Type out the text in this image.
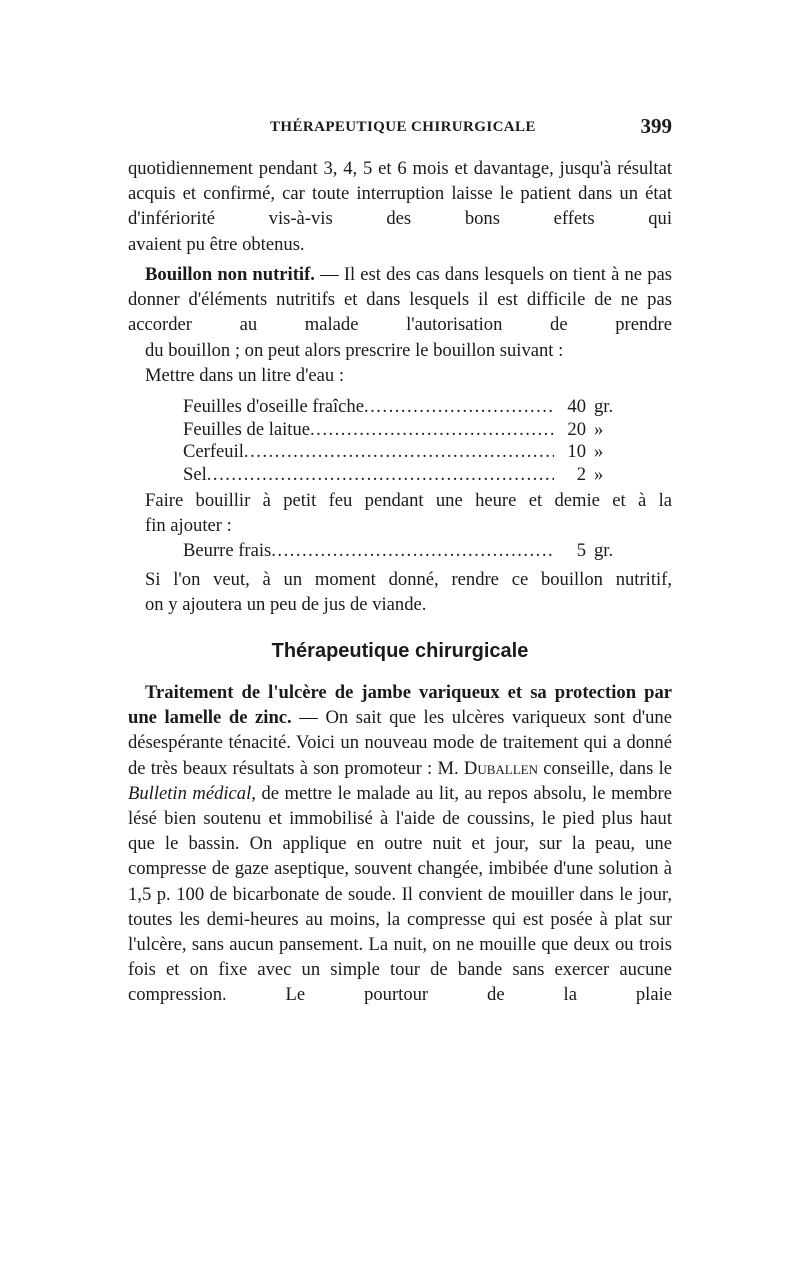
THÉRAPEUTIQUE CHIRURGICALE	399

quotidiennement pendant 3, 4, 5 et 6 mois et davantage, jusqu'à résultat acquis et confirmé, car toute interruption laisse le patient dans un état d'infériorité vis-à-vis des bons effets qui
avaient pu être obtenus.

Bouillon non nutritif. — Il est des cas dans lesquels on tient à ne pas donner d'éléments nutritifs et dans lesquels il est difficile de ne pas accorder au malade l'autorisation de prendre
du bouillon ; on peut alors prescrire le bouillon suivant :

Mettre dans un litre d'eau :
Feuilles d'oseille fraîche .....	40 gr.
Feuilles de laitue .....	20 »
Cerfeuil .....	10 »
Sel .....	2 »

Faire bouillir à petit feu pendant une heure et demie et à la
fin ajouter :

Beurre frais .....	5 gr.

Si l'on veut, à un moment donné, rendre ce bouillon nutritif,
on y ajoutera un peu de jus de viande.

Thérapeutique chirurgicale

Traitement de l'ulcère de jambe variqueux et sa protection par une lamelle de zinc. — On sait que les ulcères variqueux sont d'une désespérante ténacité. Voici un nouveau mode de traitement qui a donné de très beaux résultats à son promoteur : M. Duballen conseille, dans le Bulletin médical, de mettre le malade au lit, au repos absolu, le membre lésé bien soutenu et immobilisé à l'aide de coussins, le pied plus haut que le bassin. On applique en outre nuit et jour, sur la peau, une compresse de gaze aseptique, souvent changée, imbibée d'une solution à 1,5 p. 100 de bicarbonate de soude. Il convient de mouiller dans le jour, toutes les demi-heures au moins, la compresse qui est posée à plat sur l'ulcère, sans aucun pansement. La nuit, on ne mouille que deux ou trois fois et on fixe avec un simple tour de bande sans exercer aucune compression. Le pourtour de la plaie
